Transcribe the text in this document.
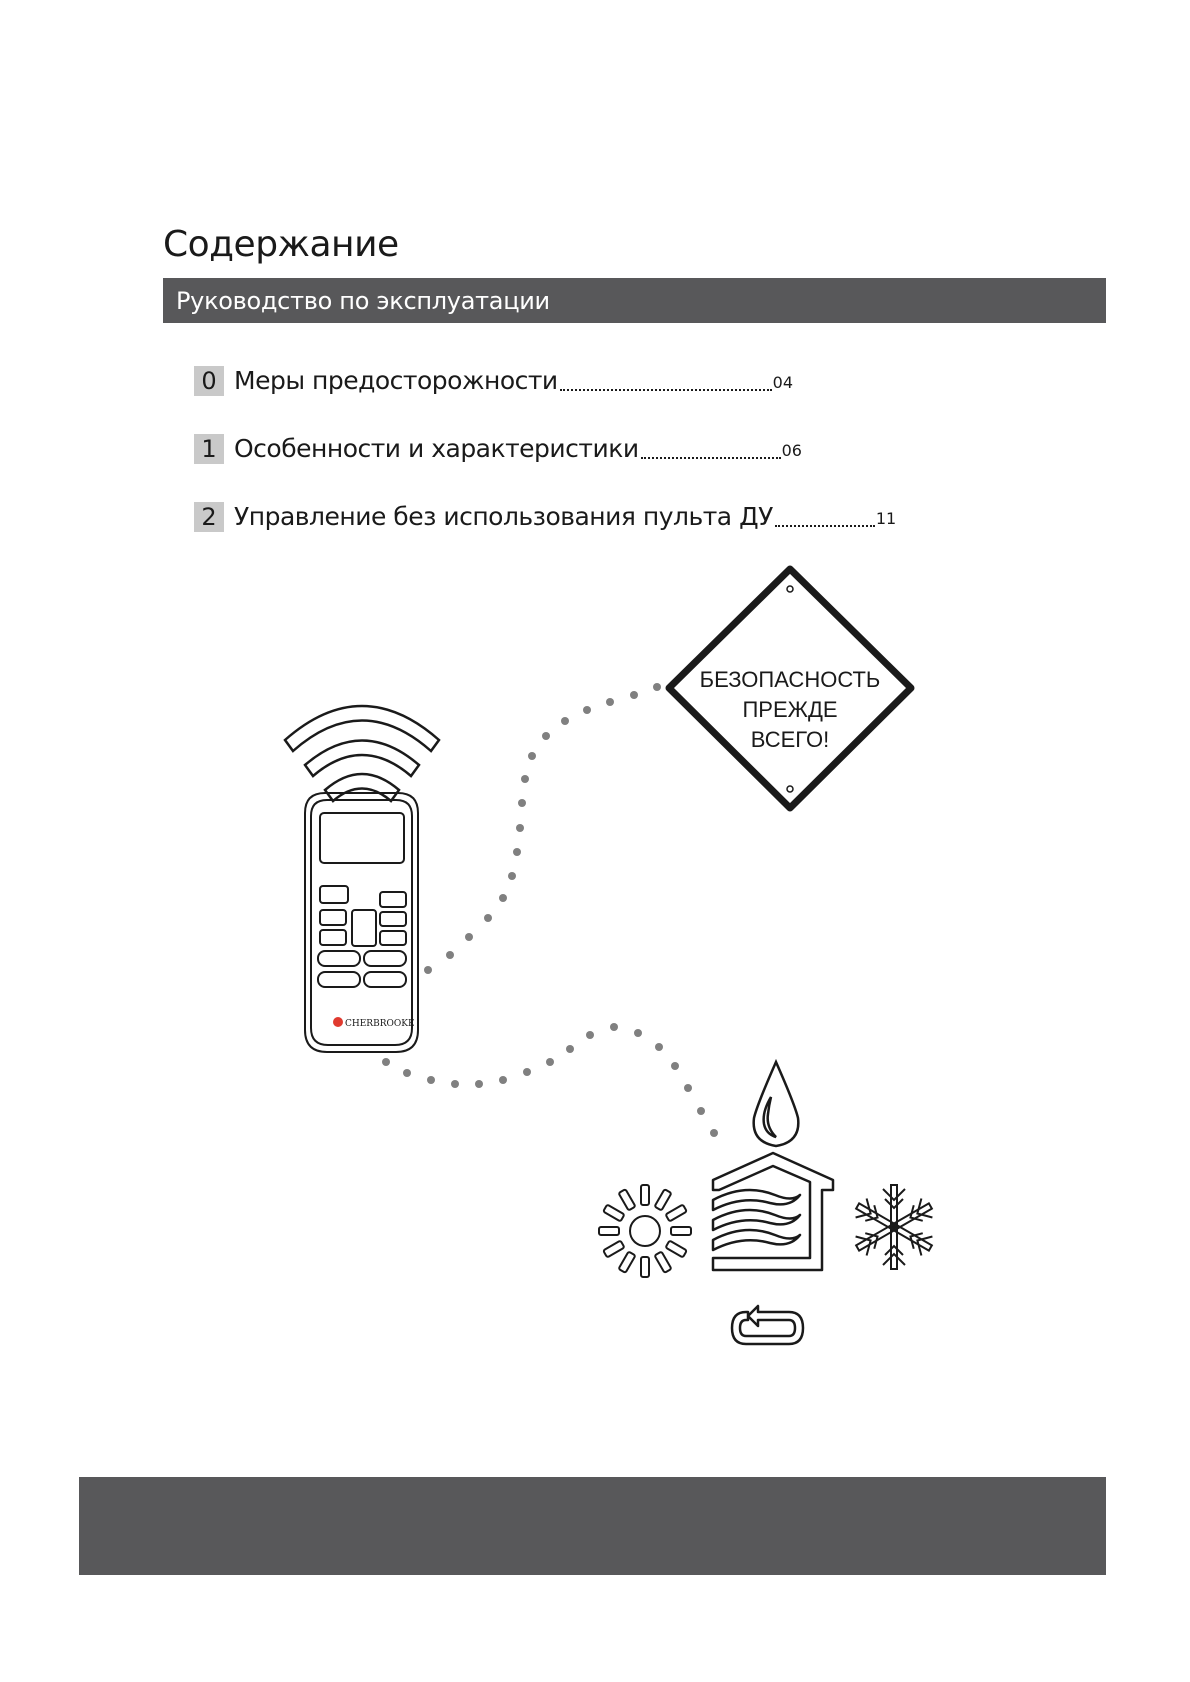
Содержание
Руководство по эксплуатации
0 Меры предосторожности	04
1 Особенности и характеристики	06
2 Управление без использования пульта ДУ	11
CHERBROOKE
БЕЗОПАСНОСТЬ
ПРЕЖДЕ
ВСЕГО!
